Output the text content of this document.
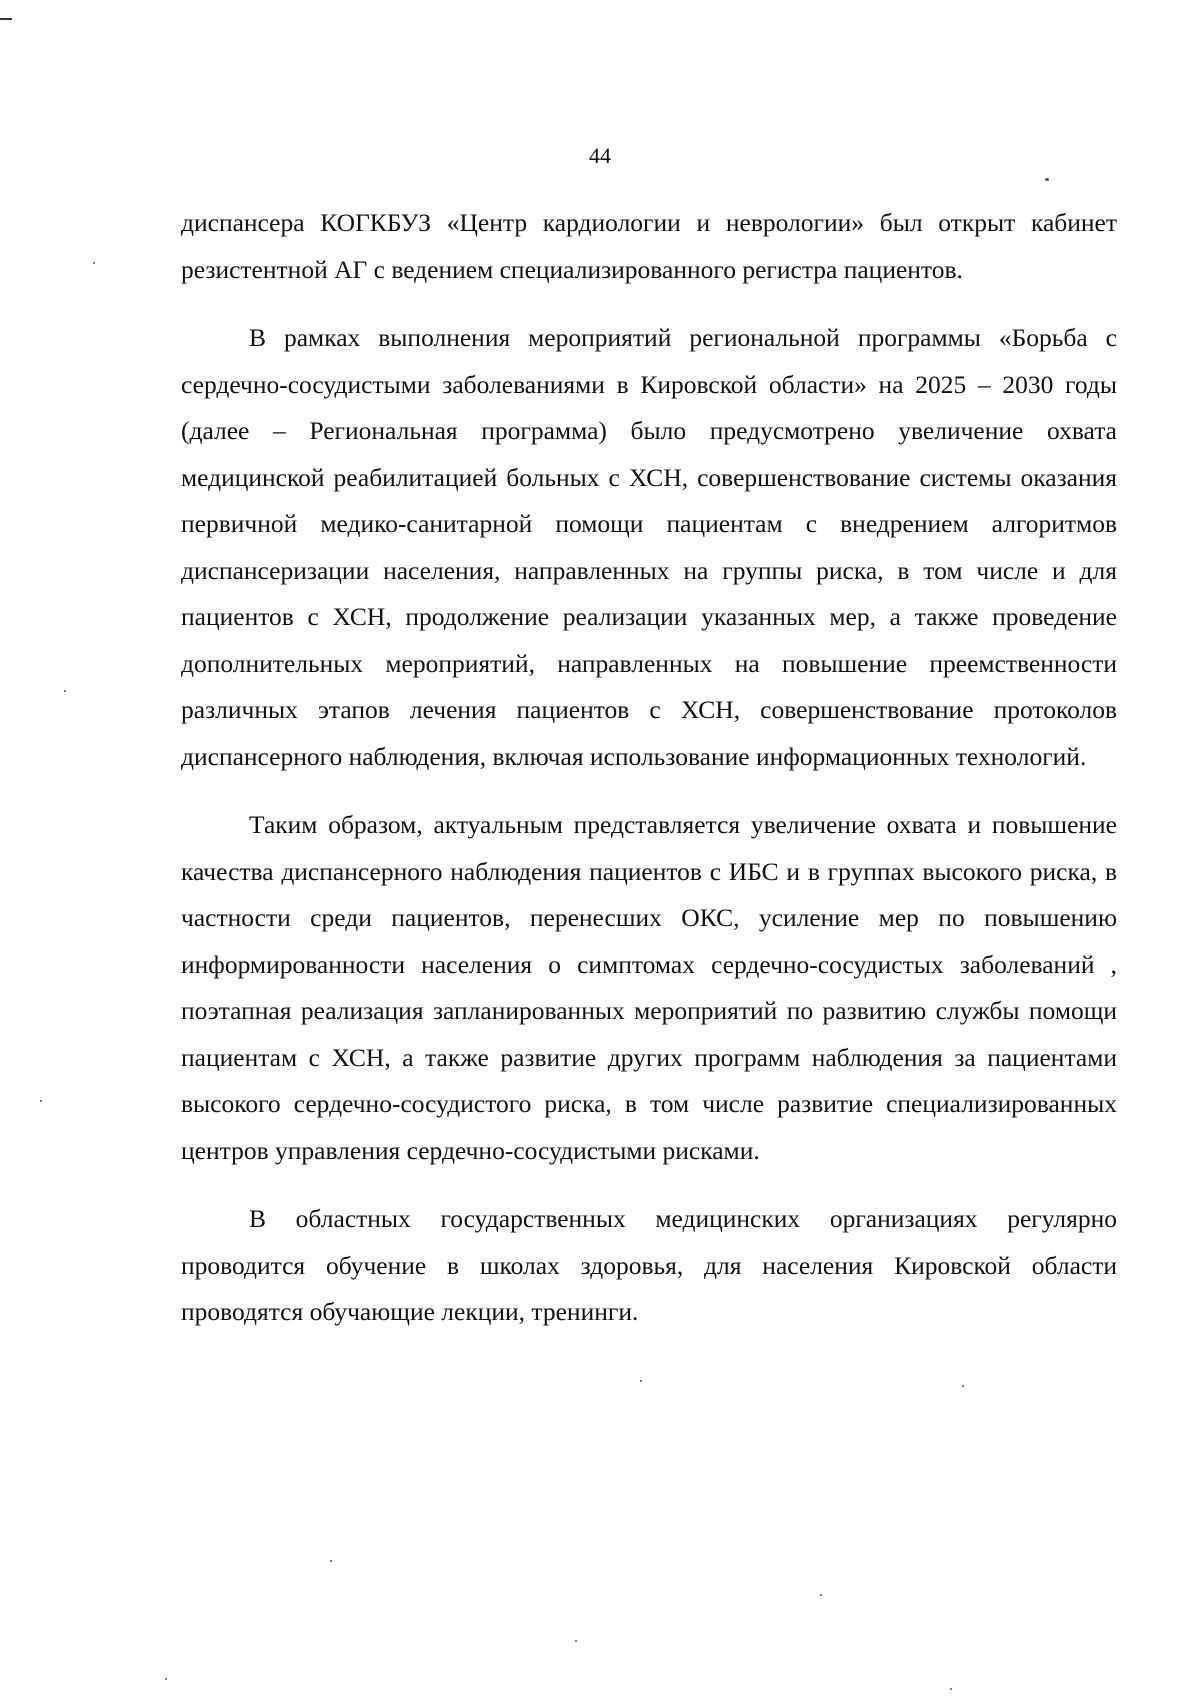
44

диспансера КОГКБУЗ «Центр кардиологии и неврологии» был открыт кабинет резистентной АГ с ведением специализированного регистра пациентов.

В рамках выполнения мероприятий региональной программы «Борьба с сердечно-сосудистыми заболеваниями в Кировской области» на 2025 – 2030 годы (далее – Региональная программа) было предусмотрено увеличение охвата медицинской реабилитацией больных с ХСН, совершенствование системы оказания первичной медико-санитарной помощи пациентам с внедрением алгоритмов диспансеризации населения, направленных на группы риска, в том числе и для пациентов с ХСН, продолжение реализации указанных мер, а также проведение дополнительных мероприятий, направленных на повышение преемственности различных этапов лечения пациентов с ХСН, совершенствование протоколов диспансерного наблюдения, включая использование информационных технологий.

Таким образом, актуальным представляется увеличение охвата и повышение качества диспансерного наблюдения пациентов с ИБС и в группах высокого риска, в частности среди пациентов, перенесших ОКС, усиление мер по повышению информированности населения о симптомах сердечно-сосудистых заболеваний , поэтапная реализация запланированных мероприятий по развитию службы помощи пациентам с ХСН, а также развитие других программ наблюдения за пациентами высокого сердечно-сосудистого риска, в том числе развитие специализированных центров управления сердечно-сосудистыми рисками.

В областных государственных медицинских организациях регулярно проводится обучение в школах здоровья, для населения Кировской области проводятся обучающие лекции, тренинги.
